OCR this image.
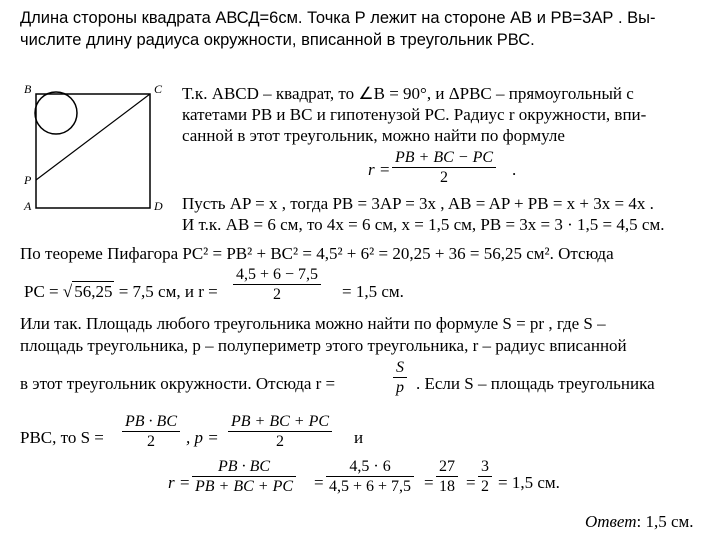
Длина стороны квадрата АВСД=6см. Точка Р лежит на стороне АВ и РВ=3АР . Вы-
числите длину радиуса окружности, вписанной в треугольник РВС.
B	C
P
A	D
Т.к. ABCD – квадрат, то ∠B = 90°, и ΔPBC – прямоугольный с
катетами PB и BC и гипотенузой PC. Радиус r окружности, впи-
санной в этот треугольник, можно найти по формуле
r =
PB + BC − PC
2	.
Пусть AP = x , тогда PB = 3AP = 3x , AB = AP + PB = x + 3x = 4x .
И т.к. AB = 6 см, то 4x = 6 см, x = 1,5 см, PB = 3x = 3 · 1,5 = 4,5 см.
По теореме Пифагора PC² = PB² + BC² = 4,5² + 6² = 20,25 + 36 = 56,25 см². Отсюда
PC = √ 56,25 = 7,5 см, и r =
4,5 + 6 − 7,5
2	= 1,5 см.
Или так. Площадь любого треугольника можно найти по формуле S = pr , где S –
площадь треугольника, p – полупериметр этого треугольника, r – радиус вписанной
в этот треугольник окружности. Отсюда r =
S
p . Если S – площадь треугольника
PBC, то S =
PB · BC
2 , p =
PB + BC + PC
2	и
r =
PB · BC
PB + BC + PC =
4,5 · 6
4,5 + 6 + 7,5 =
27
18 =
3
2 = 1,5 см.
Ответ: 1,5 см.
